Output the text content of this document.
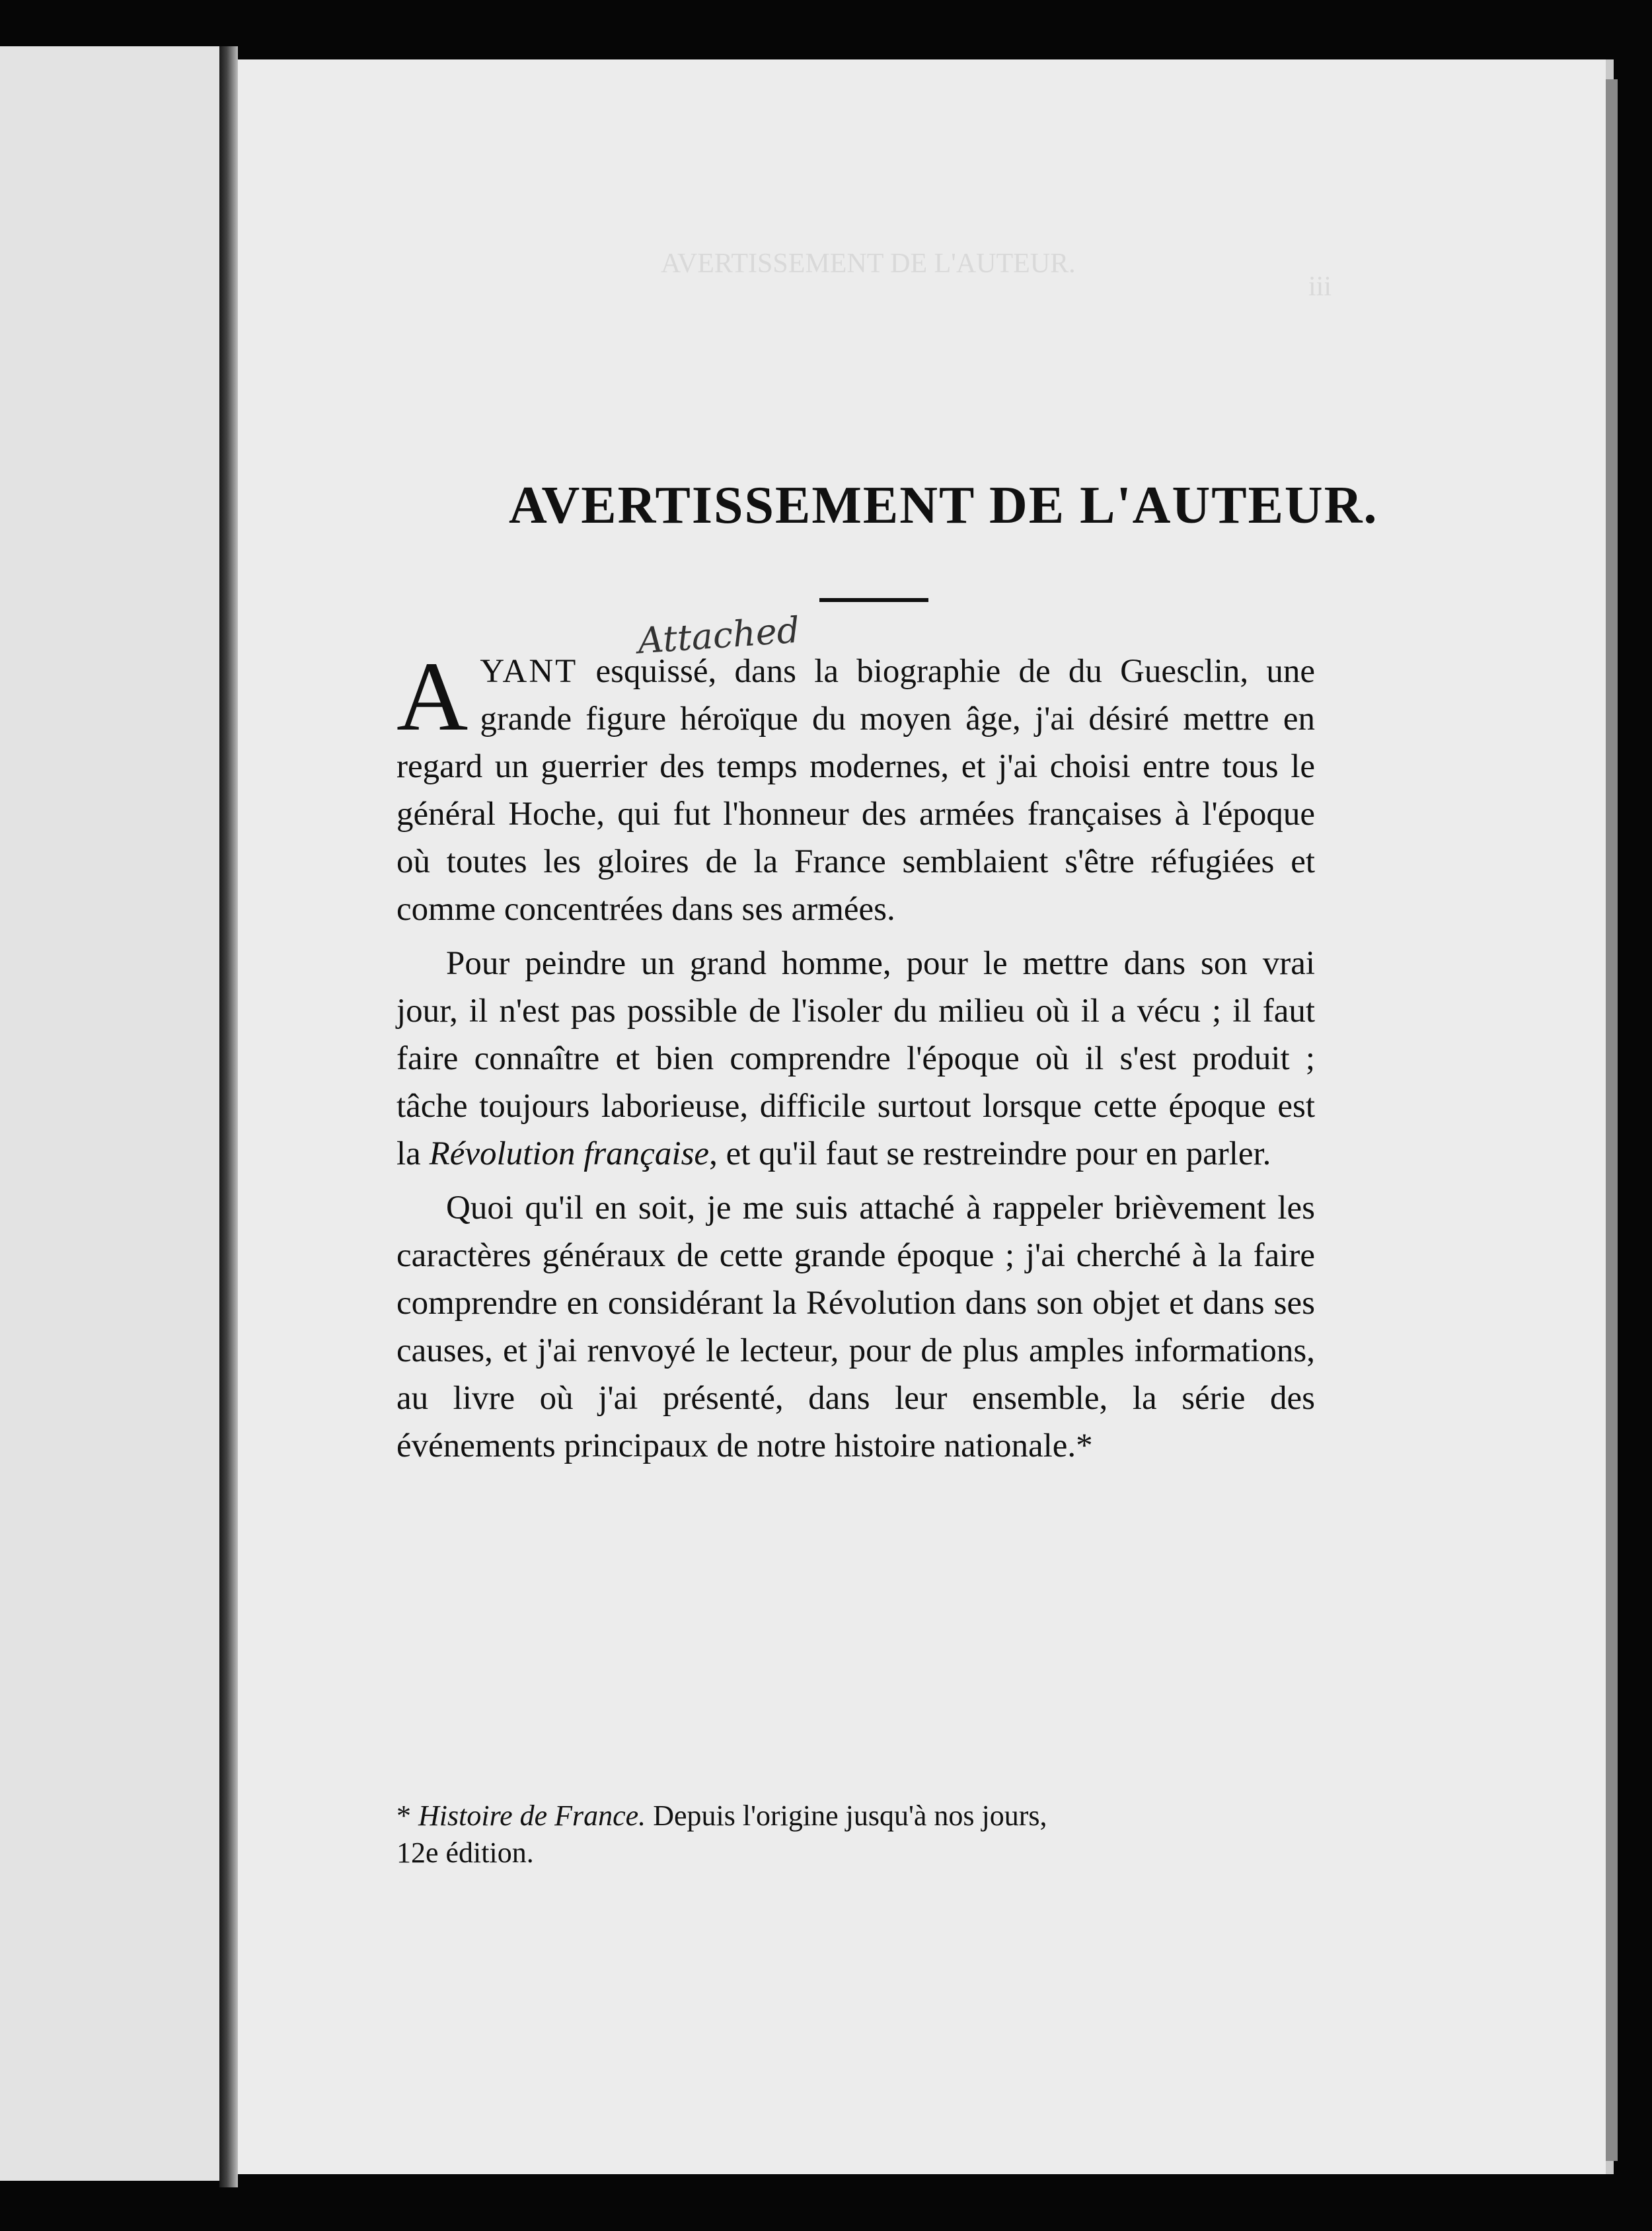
iii
AVERTISSEMENT DE L'AUTEUR.
AVERTISSEMENT DE L'AUTEUR.
Attached

A YANT esquissé, dans la biographie de du Guesclin, une grande figure héroïque du moyen âge, j'ai désiré mettre en regard un guerrier des temps modernes, et j'ai choisi entre tous le général Hoche, qui fut l'honneur des armées françaises à l'époque où toutes les gloires de la France semblaient s'être réfugiées et comme concentrées dans ses armées.

Pour peindre un grand homme, pour le mettre dans son vrai jour, il n'est pas possible de l'isoler du milieu où il a vécu ; il faut faire connaître et bien comprendre l'époque où il s'est produit ; tâche toujours laborieuse, difficile surtout lorsque cette époque est la Révolution française, et qu'il faut se restreindre pour en parler.

Quoi qu'il en soit, je me suis attaché à rappeler brièvement les caractères généraux de cette grande époque ; j'ai cherché à la faire comprendre en considérant la Révolution dans son objet et dans ses causes, et j'ai renvoyé le lecteur, pour de plus amples informations, au livre où j'ai présenté, dans leur ensemble, la série des événements principaux de notre histoire nationale.*

* Histoire de France. Depuis l'origine jusqu'à nos jours,

12e édition.
